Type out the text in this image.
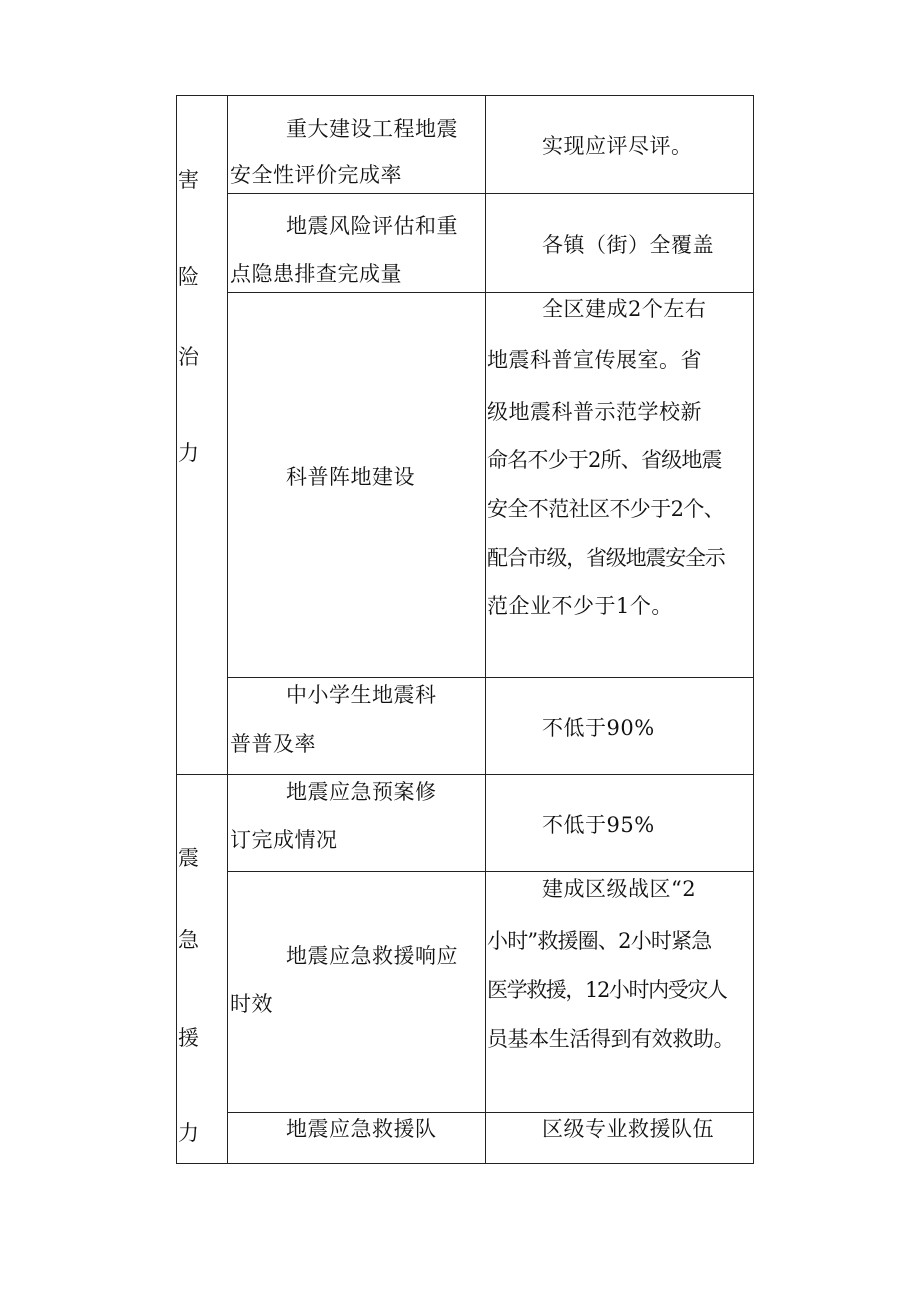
害
险
治
力
重大建设工程地震
安全性评价完成率
实现应评尽评。
地震风险评估和重
点隐患排查完成量
各镇（街）全覆盖
科普阵地建设
全区建成2个左右
地震科普宣传展室。省
级地震科普示范学校新
命名不少于2所、省级地震
安全不范社区不少于2个、
配合市级，省级地震安全示
范企业不少于1个。
中小学生地震科
普普及率
不低于90%
震
急
援
力
地震应急预案修
订完成情况
不低于95%
地震应急救援响应
时效
建成区级战区“2
小时”救援圈、2小时紧急
医学救援，12小时内受灾人
员基本生活得到有效救助。
地震应急救援队	区级专业救援队伍
